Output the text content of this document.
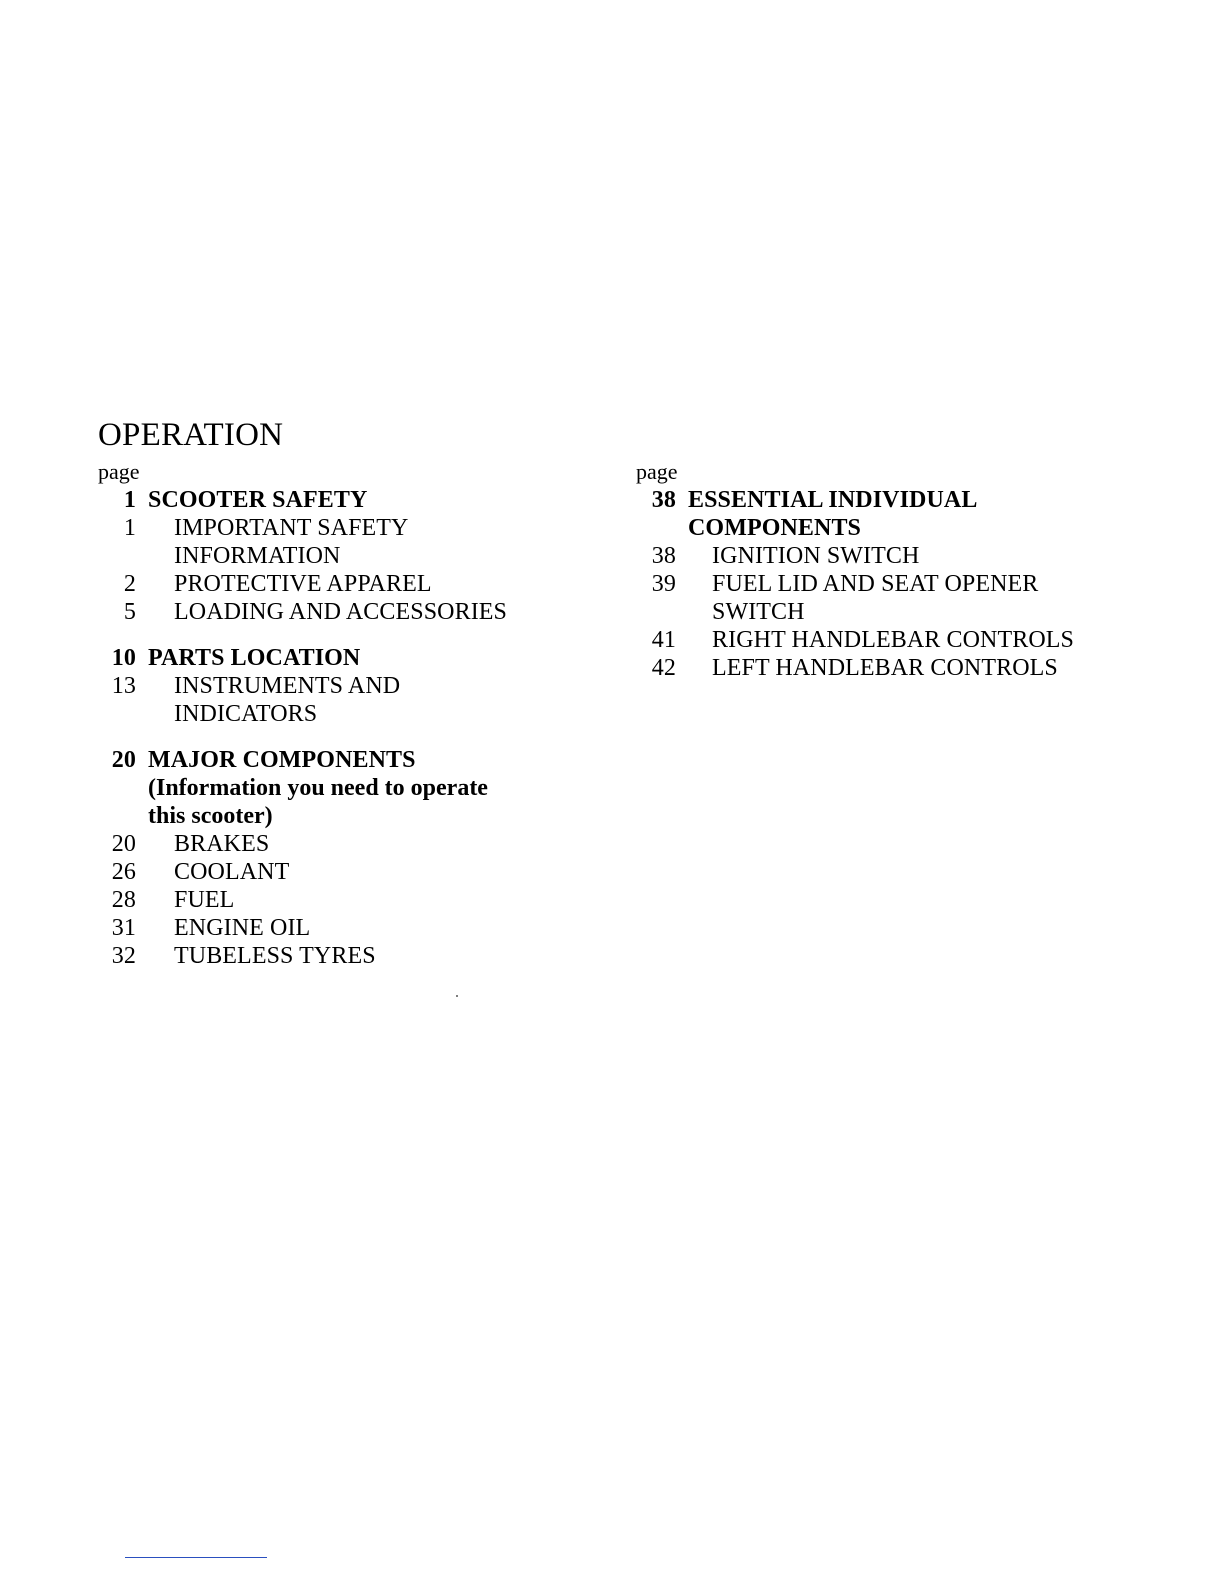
OPERATION
page
1 SCOOTER SAFETY
1	IMPORTANT SAFETY
INFORMATION
2	PROTECTIVE APPAREL
5	LOADING AND ACCESSORIES
10 PARTS LOCATION
13	INSTRUMENTS AND
INDICATORS
20 MAJOR COMPONENTS
(Information you need to operate
this scooter)
20	BRAKES
26	COOLANT
28	FUEL
31	ENGINE OIL
32	TUBELESS TYRES
page
38 ESSENTIAL INDIVIDUAL
COMPONENTS
38	IGNITION SWITCH
39	FUEL LID AND SEAT OPENER
SWITCH
41	RIGHT HANDLEBAR CONTROLS
42	LEFT HANDLEBAR CONTROLS
